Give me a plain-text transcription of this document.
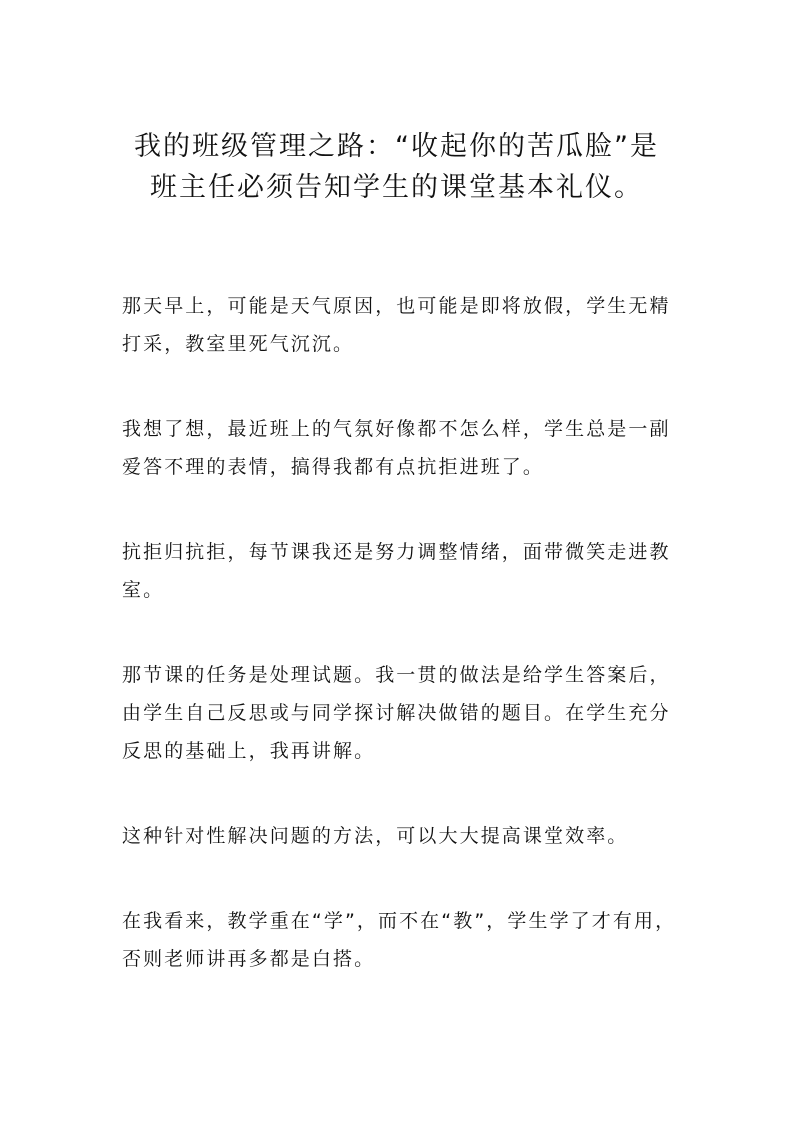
我的班级管理之路：“收起你的苦瓜脸”是
班主任必须告知学生的课堂基本礼仪。
那天早上，可能是天气原因，也可能是即将放假，学生无精
打采，教室里死气沉沉。
我想了想，最近班上的气氛好像都不怎么样，学生总是一副
爱答不理的表情，搞得我都有点抗拒进班了。
抗拒归抗拒，每节课我还是努力调整情绪，面带微笑走进教
室。
那节课的任务是处理试题。我一贯的做法是给学生答案后，
由学生自己反思或与同学探讨解决做错的题目。在学生充分
反思的基础上，我再讲解。
这种针对性解决问题的方法，可以大大提高课堂效率。
在我看来，教学重在“学”，而不在“教”，学生学了才有用，
否则老师讲再多都是白搭。
